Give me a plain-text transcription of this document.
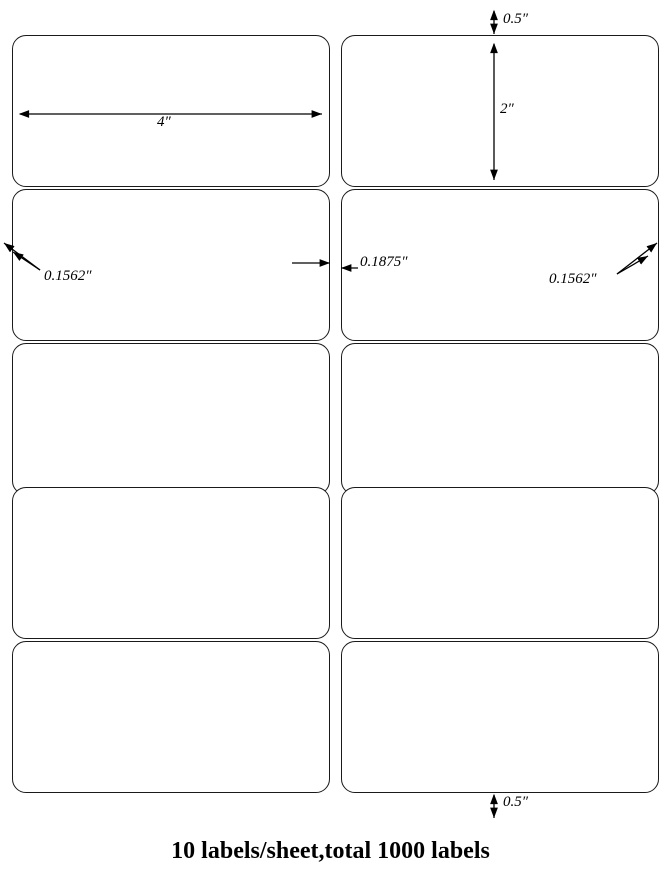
0.5″
4″
2″
0.1562″
0.1875″
0.1562″
0.5″
10 labels/sheet,total 1000 labels
